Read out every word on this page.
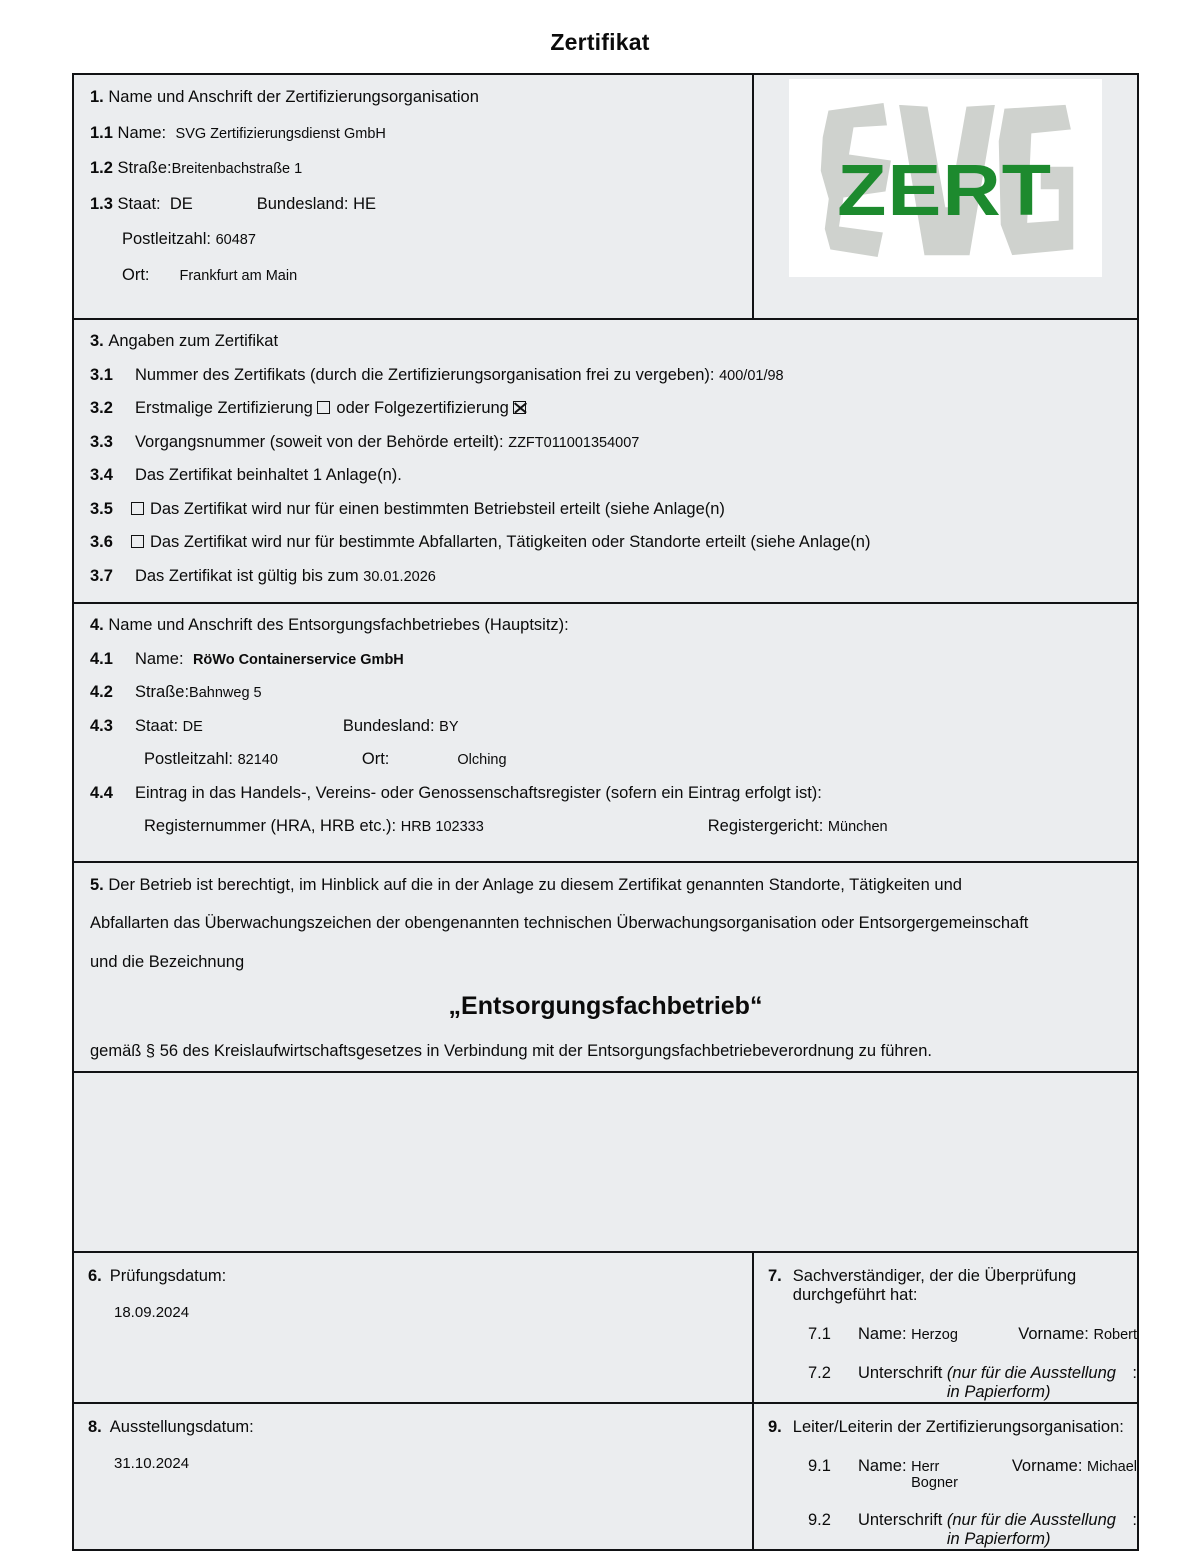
Zertifikat
1.
Name und Anschrift der Zertifizierungsorganisation
1.1
Name: SVG Zertifizierungsdienst GmbH
1.2
Straße: Breitenbachstraße 1
1.3
Staat:
DE	Bundesland:
HE
Postleitzahl:
60487
Ort: Frankfurt am Main

ZERT

3.
Angaben zum Zertifikat
3.1 Nummer des Zertifikats (durch die Zertifizierungsorganisation frei zu vergeben):
400/01/98
3.2 Erstmalige Zertifizierung
oder Folgezertifizierung

3.3 Vorgangsnummer (soweit von der Behörde erteilt):
ZZFT011001354007
3.4 Das Zertifikat beinhaltet 1 Anlage(n).
3.5 Das Zertifikat wird nur für einen bestimmten Betriebsteil erteilt (siehe Anlage(n)
3.6 Das Zertifikat wird nur für bestimmte Abfallarten, Tätigkeiten oder Standorte erteilt (siehe Anlage(n)
3.7 Das Zertifikat ist gültig bis zum
30.01.2026

4.
Name und Anschrift des Entsorgungsfachbetriebes (Hauptsitz):
4.1 Name: RöWo Containerservice GmbH
4.2 Straße: Bahnweg 5
4.3 Staat:
DE	Bundesland:
BY
Postleitzahl:
82140	Ort:	Olching
4.4 Eintrag in das Handels-, Vereins- oder Genossenschaftsregister (sofern ein Eintrag erfolgt ist):
Registernummer (HRA, HRB etc.):
HRB 102333	Registergericht:
München

5. Der Betrieb ist berechtigt, im Hinblick auf die in der Anlage zu diesem Zertifikat genannten Standorte, Tätigkeiten und
Abfallarten das Überwachungszeichen der obengenannten technischen Überwachungsorganisation oder Entsorgergemeinschaft
und die Bezeichnung
„Entsorgungsfachbetrieb“
gemäß § 56 des Kreislaufwirtschaftsgesetzes in Verbindung mit der Entsorgungsfachbetriebeverordnung zu führen.	

6. Prüfungsdatum:
18.09.2024

7. Sachverständiger, der die Überprüfung durchgeführt hat:
7.1 Name:
Herzog	Vorname:
Robert
7.2 Unterschrift
(nur für die Ausstellung in Papierform)
:

8. Ausstellungsdatum:
31.10.2024

9. Leiter/Leiterin der Zertifizierungsorganisation:
9.1 Name:
Herr Bogner
Vorname:
Michael
9.2 Unterschrift
(nur für die Ausstellung in Papierform)
:
